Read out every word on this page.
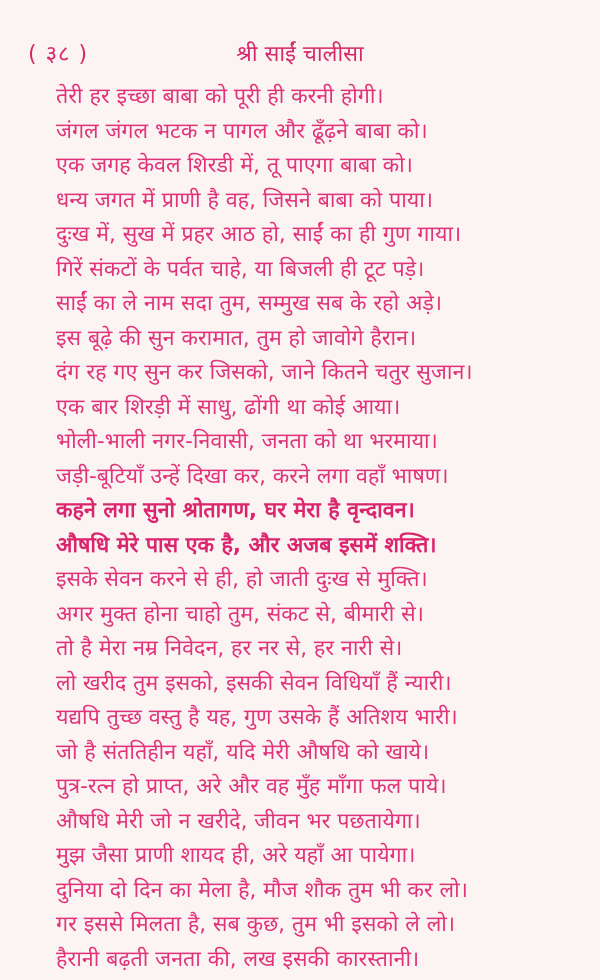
( ३८ )	श्री साईं चालीसा
तेरी हर इच्छा बाबा को पूरी ही करनी होगी।
जंगल जंगल भटक न पागल और ढूँढ़ने बाबा को।
एक जगह केवल शिरडी में, तू पाएगा बाबा को।
धन्य जगत में प्राणी है वह, जिसने बाबा को पाया।
दुःख में, सुख में प्रहर आठ हो, साईं का ही गुण गाया।
गिरें संकटों के पर्वत चाहे, या बिजली ही टूट पड़े।
साईं का ले नाम सदा तुम, सम्मुख सब के रहो अड़े।
इस बूढ़े की सुन करामात, तुम हो जावोगे हैरान।
दंग रह गए सुन कर जिसको, जाने कितने चतुर सुजान।
एक बार शिरड़ी में साधु, ढोंगी था कोई आया।
भोली-भाली नगर-निवासी, जनता को था भरमाया।
जड़ी-बूटियाँ उन्हें दिखा कर, करने लगा वहाँ भाषण।
कहने लगा सुनो श्रोतागण, घर मेरा है वृन्दावन।
औषधि मेरे पास एक है, और अजब इसमें शक्ति।
इसके सेवन करने से ही, हो जाती दुःख से मुक्ति।
अगर मुक्त होना चाहो तुम, संकट से, बीमारी से।
तो है मेरा नम्र निवेदन, हर नर से, हर नारी से।
लो खरीद तुम इसको, इसकी सेवन विधियाँ हैं न्यारी।
यद्यपि तुच्छ वस्तु है यह, गुण उसके हैं अतिशय भारी।
जो है संततिहीन यहाँ, यदि मेरी औषधि को खाये।
पुत्र-रत्न हो प्राप्त, अरे और वह मुँह माँगा फल पाये।
औषधि मेरी जो न खरीदे, जीवन भर पछतायेगा।
मुझ जैसा प्राणी शायद ही, अरे यहाँ आ पायेगा।
दुनिया दो दिन का मेला है, मौज शौक तुम भी कर लो।
गर इससे मिलता है, सब कुछ, तुम भी इसको ले लो।
हैरानी बढ़ती जनता की, लख इसकी कारस्तानी।
